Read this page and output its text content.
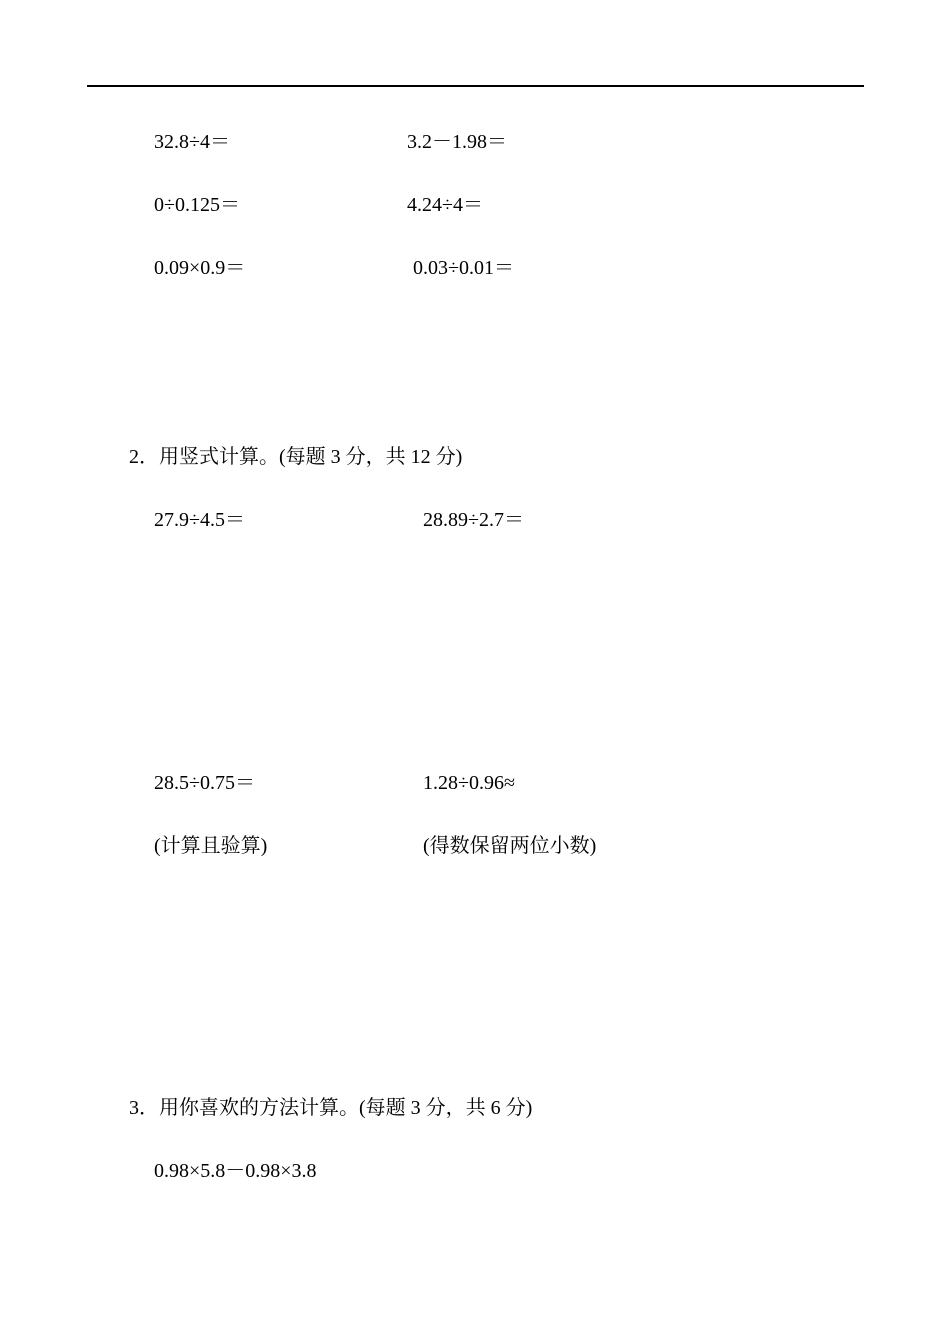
32.8÷4＝	3.2－1.98＝
0÷0.125＝	4.24÷4＝
0.09×0.9＝	0.03÷0.01＝
2．用竖式计算。(每题 3 分，共 12 分)
27.9÷4.5＝	28.89÷2.7＝
28.5÷0.75＝	1.28÷0.96≈
(计算且验算)	(得数保留两位小数)
3．用你喜欢的方法计算。(每题 3 分，共 6 分)
0.98×5.8－0.98×3.8
